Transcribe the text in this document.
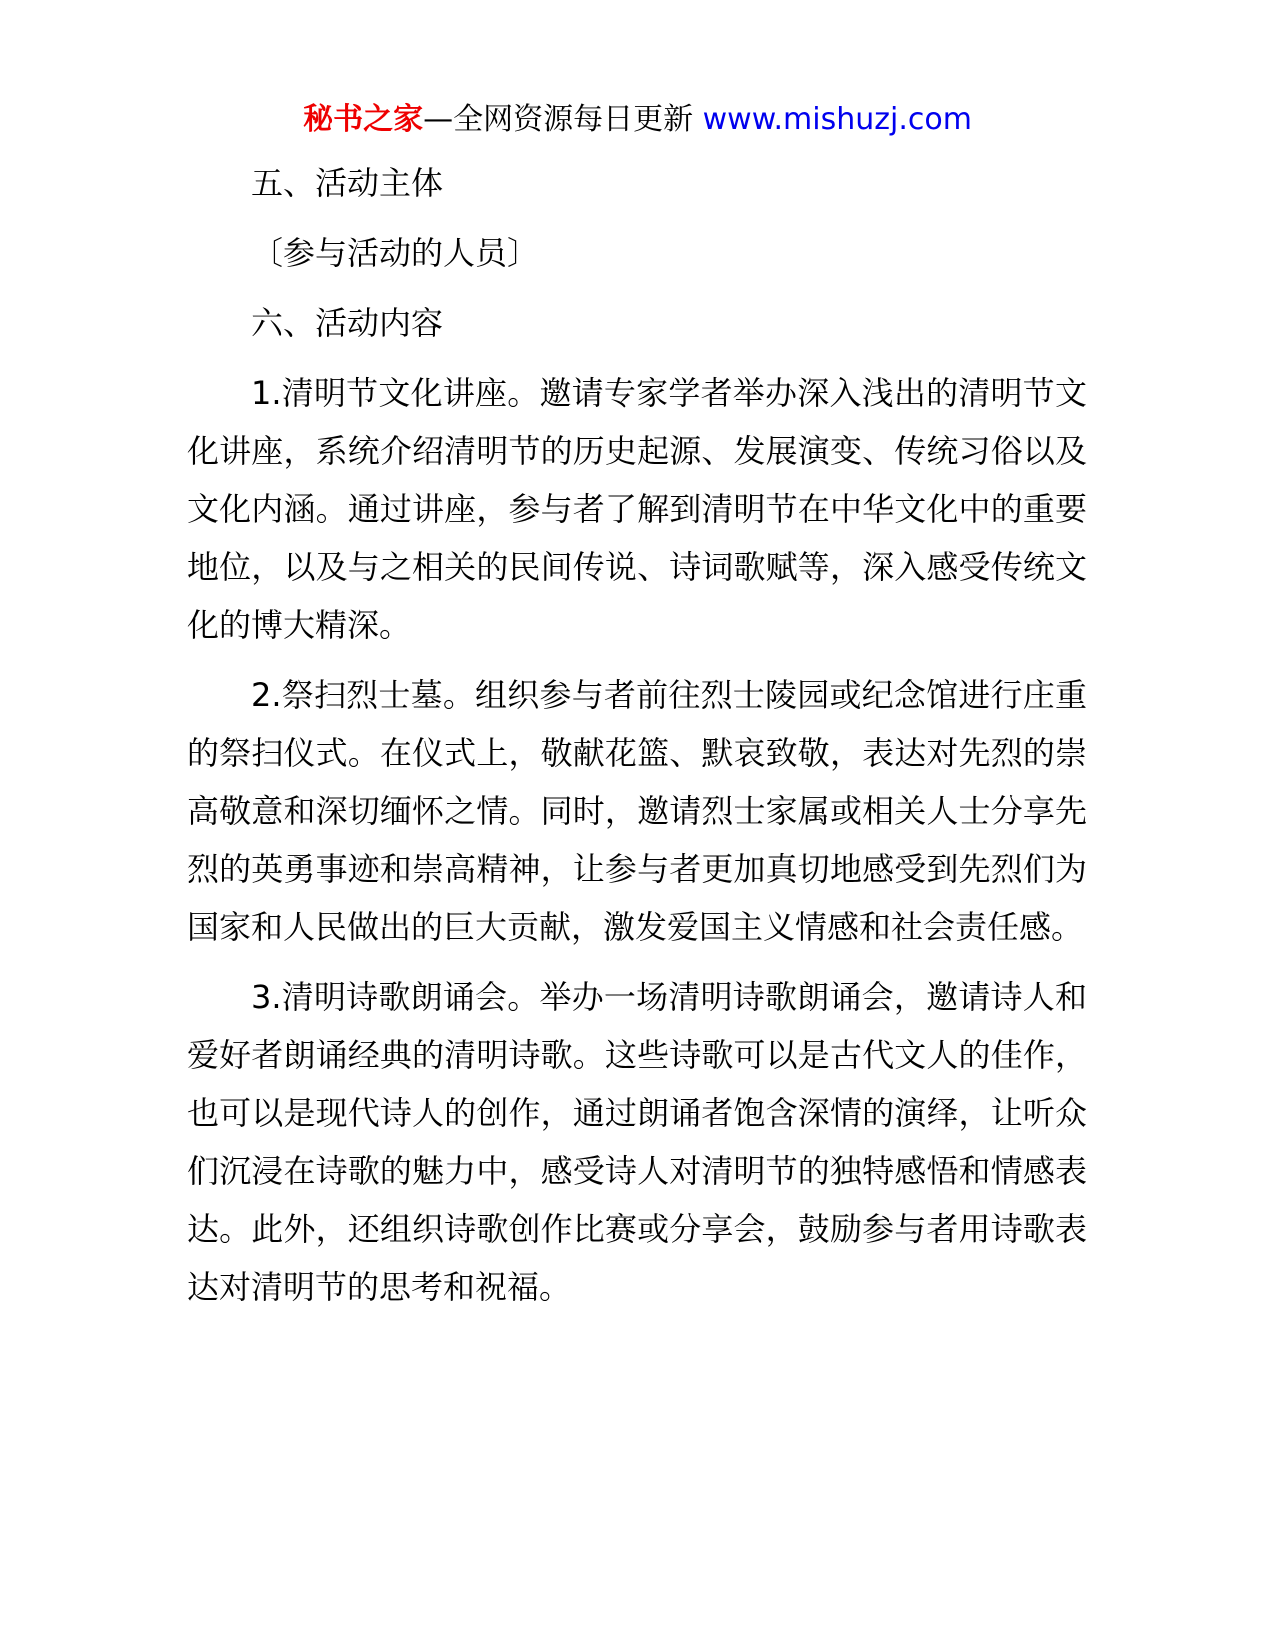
秘书之家—全网资源每日更新 www.mishuzj.com

五、活动主体

〔参与活动的人员〕

六、活动内容

1.清明节文化讲座。邀请专家学者举办深入浅出的清明节文化讲座，系统介绍清明节的历史起源、发展演变、传统习俗以及文化内涵。通过讲座，参与者了解到清明节在中华文化中的重要地位，以及与之相关的民间传说、诗词歌赋等，深入感受传统文化的博大精深。

2.祭扫烈士墓。组织参与者前往烈士陵园或纪念馆进行庄重的祭扫仪式。在仪式上，敬献花篮、默哀致敬，表达对先烈的崇高敬意和深切缅怀之情。同时，邀请烈士家属或相关人士分享先烈的英勇事迹和崇高精神，让参与者更加真切地感受到先烈们为国家和人民做出的巨大贡献，激发爱国主义情感和社会责任感。

3.清明诗歌朗诵会。举办一场清明诗歌朗诵会，邀请诗人和爱好者朗诵经典的清明诗歌。这些诗歌可以是古代文人的佳作，也可以是现代诗人的创作，通过朗诵者饱含深情的演绎，让听众们沉浸在诗歌的魅力中，感受诗人对清明节的独特感悟和情感表达。此外，还组织诗歌创作比赛或分享会，鼓励参与者用诗歌表达对清明节的思考和祝福。
